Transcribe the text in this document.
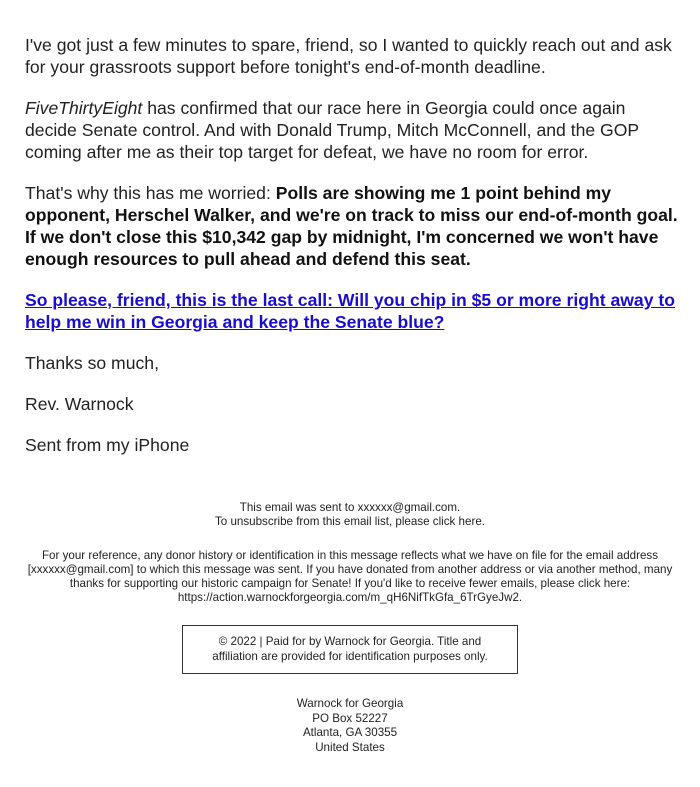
I've got just a few minutes to spare, friend, so I wanted to quickly reach out and ask for your grassroots support before tonight's end-of-month deadline.

FiveThirtyEight has confirmed that our race here in Georgia could once again decide Senate control. And with Donald Trump, Mitch McConnell, and the GOP coming after me as their top target for defeat, we have no room for error.

That's why this has me worried: Polls are showing me 1 point behind my opponent, Herschel Walker, and we're on track to miss our end-of-month goal. If we don't close this $10,342 gap by midnight, I'm concerned we won't have enough resources to pull ahead and defend this seat.

So please, friend, this is the last call: Will you chip in $5 or more right away to help me win in Georgia and keep the Senate blue?

Thanks so much,

Rev. Warnock

Sent from my iPhone

This email was sent to xxxxxx@gmail.com.
To unsubscribe from this email list, please click here.

For your reference, any donor history or identification in this message reflects what we have on file for the email address [xxxxxx@gmail.com] to which this message was sent. If you have donated from another address or via another method, many thanks for supporting our historic campaign for Senate! If you'd like to receive fewer emails, please click here: https://action.warnockforgeorgia.com/m_qH6NifTkGfa_6TrGyeJw2.

© 2022 | Paid for by Warnock for Georgia. Title and affiliation are provided for identification purposes only.
Warnock for Georgia
PO Box 52227
Atlanta, GA 30355
United States
